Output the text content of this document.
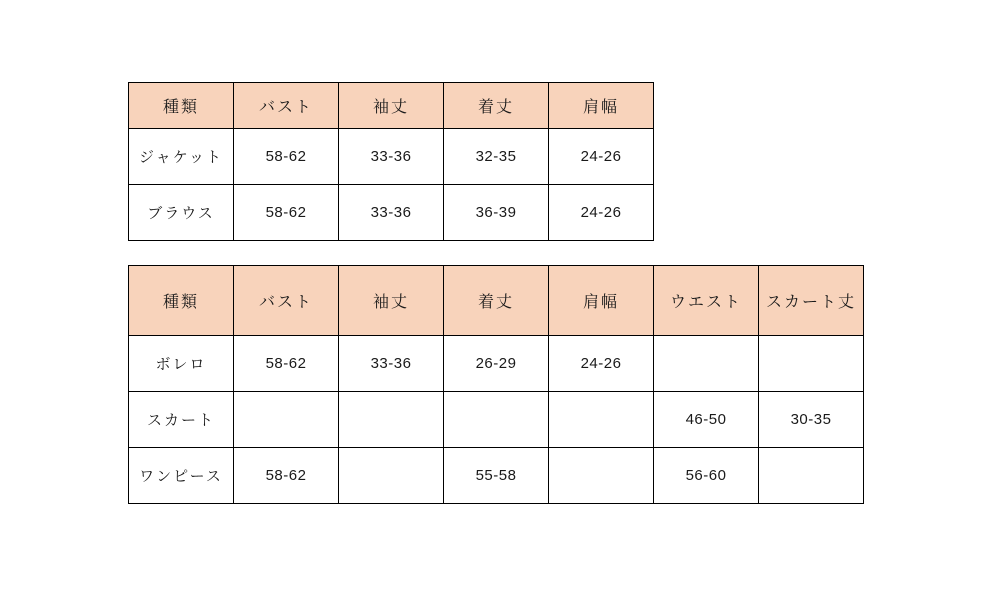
種類	バスト	袖丈	着丈	肩幅
ジャケット	58-62	33-36	32-35	24-26
ブラウス	58-62	33-36	36-39	24-26
種類	バスト	袖丈	着丈	肩幅	ウエスト	スカート丈
ボレロ	58-62	33-36	26-29	24-26		
スカート					46-50	30-35
ワンピース	58-62		55-58		56-60	
